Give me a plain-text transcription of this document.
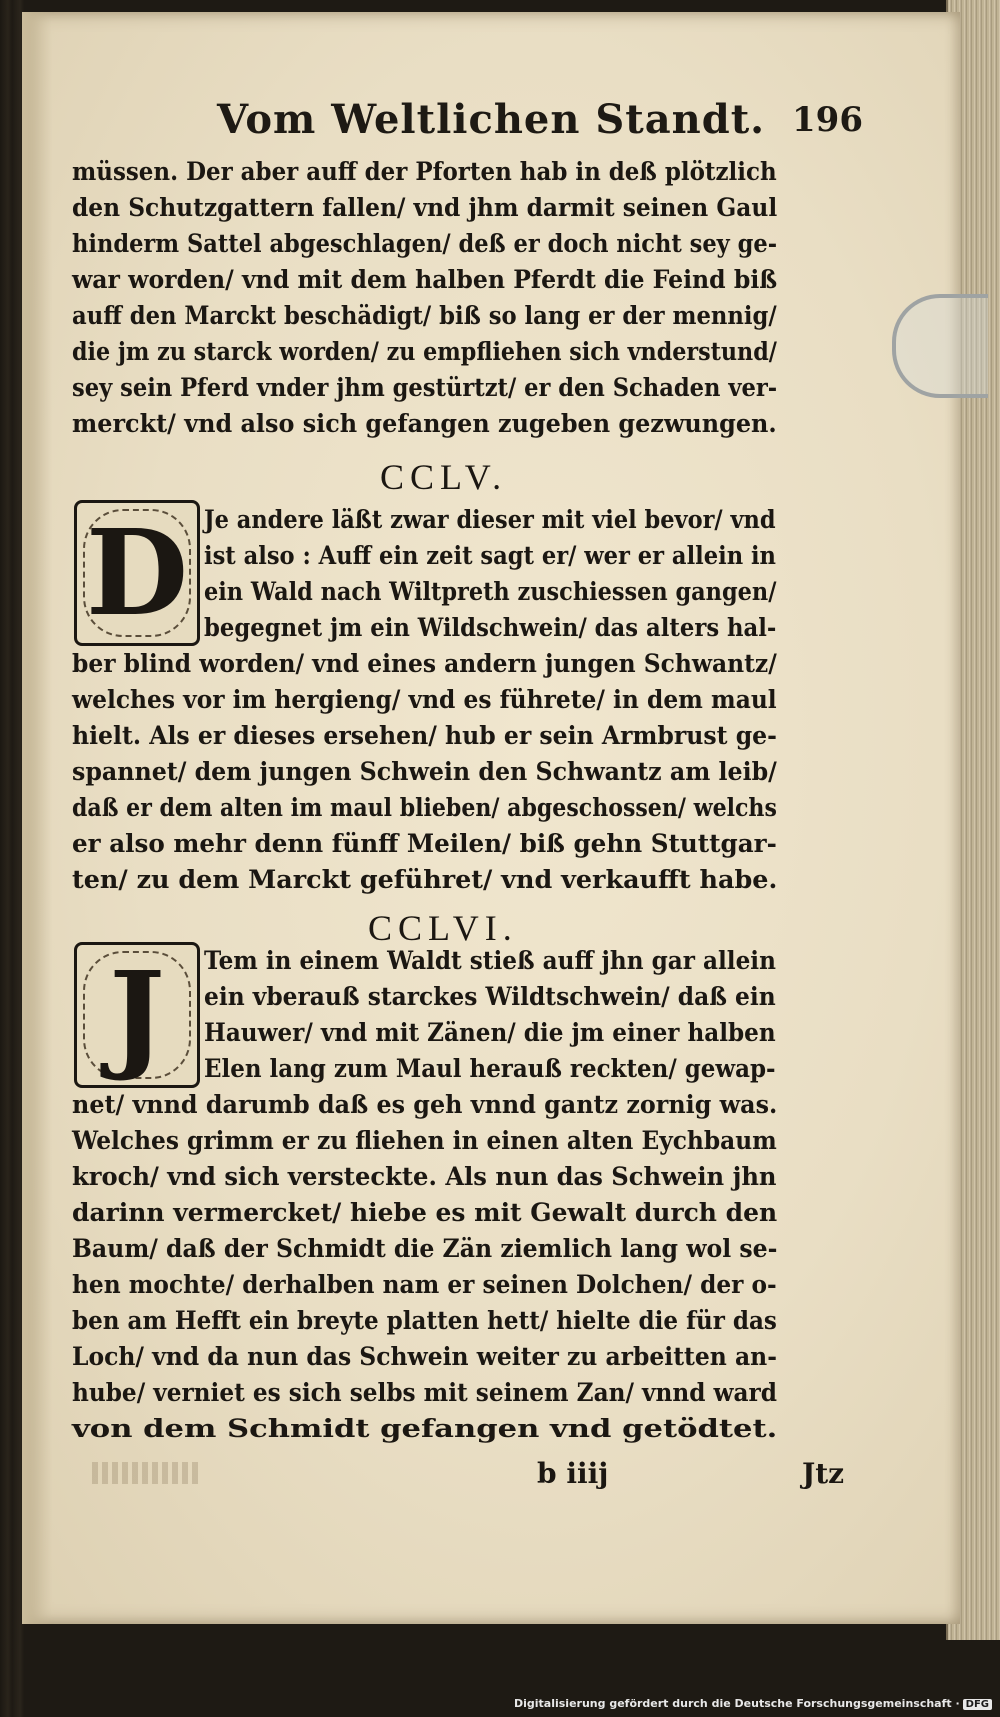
Vom Weltlichen Standt. 196
müssen. Der aber auff der Pforten hab in deß plötzlich
den Schutzgattern fallen/ vnd jhm darmit seinen Gaul
hinderm Sattel abgeschlagen/ deß er doch nicht sey ge-
war worden/ vnd mit dem halben Pferdt die Feind biß
auff den Marckt beschädigt/ biß so lang er der mennig/
die jm zu starck worden/ zu empfliehen sich vnderstund/
sey sein Pferd vnder jhm gestürtzt/ er den Schaden ver-
merckt/ vnd also sich gefangen zugeben gezwungen.
CCLV.
D Je andere läßt zwar dieser mit viel bevor/ vnd
ist also : Auff ein zeit sagt er/ wer er allein in
ein Wald nach Wiltpreth zuschiessen gangen/
begegnet jm ein Wildschwein/ das alters hal-
ber blind worden/ vnd eines andern jungen Schwantz/
welches vor im hergieng/ vnd es führete/ in dem maul
hielt. Als er dieses ersehen/ hub er sein Armbrust ge-
spannet/ dem jungen Schwein den Schwantz am leib/
daß er dem alten im maul blieben/ abgeschossen/ welchs
er also mehr denn fünff Meilen/ biß gehn Stuttgar-
ten/ zu dem Marckt geführet/ vnd verkaufft habe.
CCLVI.
J	Tem in einem Waldt stieß auff jhn gar allein
ein vberauß starckes Wildtschwein/ daß ein
Hauwer/ vnd mit Zänen/ die jm einer halben
Elen lang zum Maul herauß reckten/ gewap-
net/ vnnd darumb daß es geh vnnd gantz zornig was.
Welches grimm er zu fliehen in einen alten Eychbaum
kroch/ vnd sich versteckte. Als nun das Schwein jhn
darinn vermercket/ hiebe es mit Gewalt durch den
Baum/ daß der Schmidt die Zän ziemlich lang wol se-
hen mochte/ derhalben nam er seinen Dolchen/ der o-
ben am Hefft ein breyte platten hett/ hielte die für das
Loch/ vnd da nun das Schwein weiter zu arbeitten an-
hube/ verniet es sich selbs mit seinem Zan/ vnnd ward
von dem Schmidt gefangen vnd getödtet.
b iiij	Jtz
Digitalisierung gefördert durch die Deutsche Forschungsgemeinschaft · DFG
